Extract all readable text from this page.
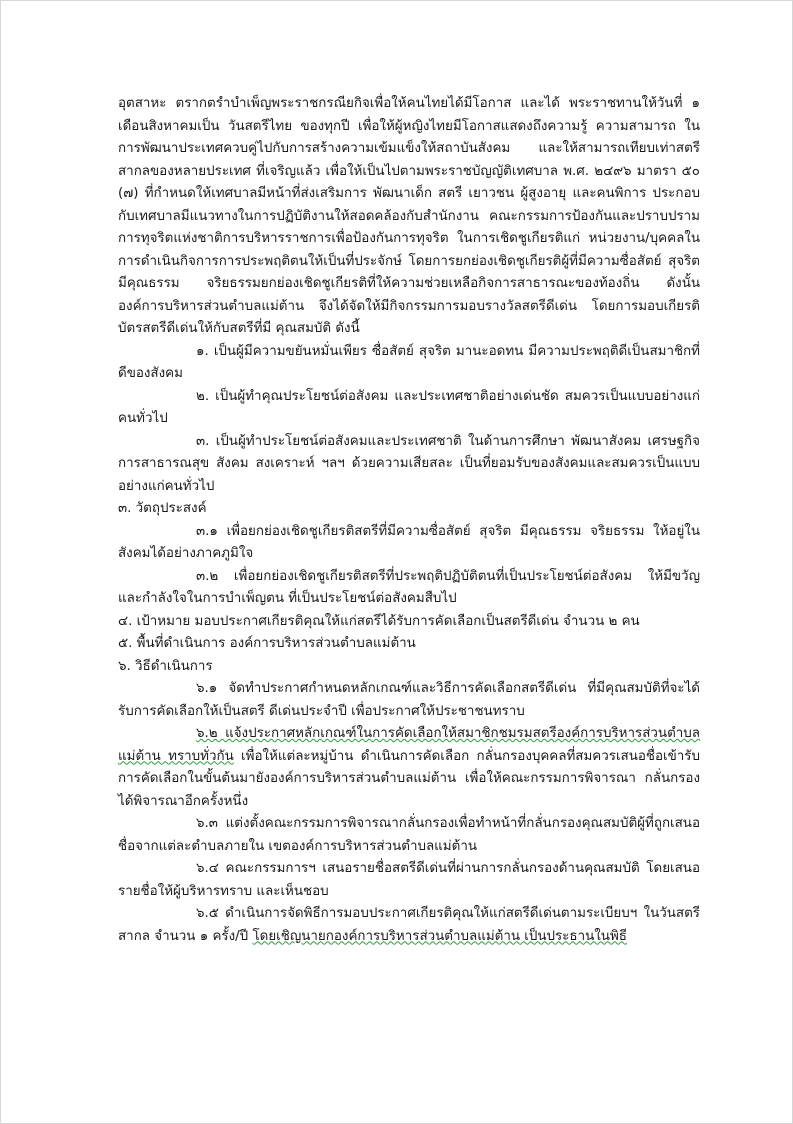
อุตสาหะ ตรากตรำบำเพ็ญพระราชกรณียกิจเพื่อให้คนไทยได้มีโอกาส และได้ พระราชทานให้วันที่ ๑ เดือนสิงหาคมเป็น วันสตรีไทย ของทุกปี เพื่อให้ผู้หญิงไทยมีโอกาสแสดงถึงความรู้ ความสามารถ ในการพัฒนาประเทศควบคู่ไปกับการสร้างความเข้มแข็งให้สถาบันสังคม และให้สามารถเทียบเท่าสตรีสากลของหลายประเทศ ที่เจริญแล้ว เพื่อให้เป็นไปตามพระราชบัญญัติเทศบาล พ.ศ. ๒๔๙๖ มาตรา ๕๐ (๗) ที่กำหนดให้เทศบาลมีหน้าที่ส่งเสริมการ พัฒนาเด็ก สตรี เยาวชน ผู้สูงอายุ และคนพิการ ประกอบกับเทศบาลมีแนวทางในการปฏิบัติงานให้สอดคล้องกับสำนักงาน คณะกรรมการป้องกันและปราบปรามการทุจริตแห่งชาติการบริหารราชการเพื่อป้องกันการทุจริต ในการเชิดชูเกียรติแก่ หน่วยงาน/บุคคลในการดำเนินกิจการการประพฤติตนให้เป็นที่ประจักษ์ โดยการยกย่องเชิดชูเกียรติผู้ที่มีความซื่อสัตย์ สุจริต มีคุณธรรม จริยธรรมยกย่องเชิดชูเกียรติที่ให้ความช่วยเหลือกิจการสาธารณะของท้องถิ่น ดังนั้น องค์การบริหารส่วนตำบลแม่ต้าน จึงได้จัดให้มีกิจกรรมการมอบรางวัลสตรีดีเด่น โดยการมอบเกียรติบัตรสตรีดีเด่นให้กับสตรีที่มี คุณสมบัติ ดังนี้

๑. เป็นผู้มีความขยันหมั่นเพียร ซื่อสัตย์ สุจริต มานะอดทน มีความประพฤติดีเป็นสมาชิกที่ดีของสังคม

๒. เป็นผู้ทำคุณประโยชน์ต่อสังคม และประเทศชาติอย่างเด่นชัด สมควรเป็นแบบอย่างแก่คนทั่วไป

๓. เป็นผู้ทำประโยชน์ต่อสังคมและประเทศชาติ ในด้านการศึกษา พัฒนาสังคม เศรษฐกิจ การสาธารณสุข สังคม สงเคราะห์ ฯลฯ ด้วยความเสียสละ เป็นที่ยอมรับของสังคมและสมควรเป็นแบบอย่างแก่คนทั่วไป

๓. วัตถุประสงค์

๓.๑ เพื่อยกย่องเชิดชูเกียรติสตรีที่มีความซื่อสัตย์ สุจริต มีคุณธรรม จริยธรรม ให้อยู่ในสังคมได้อย่างภาคภูมิใจ

๓.๒ เพื่อยกย่องเชิดชูเกียรติสตรีที่ประพฤติปฏิบัติตนที่เป็นประโยชน์ต่อสังคม ให้มีขวัญและกำลังใจในการบำเพ็ญตน ที่เป็นประโยชน์ต่อสังคมสืบไป

๔. เป้าหมาย มอบประกาศเกียรติคุณให้แก่สตรีได้รับการคัดเลือกเป็นสตรีดีเด่น จำนวน ๒ คน

๕. พื้นที่ดำเนินการ องค์การบริหารส่วนตำบลแม่ต้าน

๖. วิธีดำเนินการ

๖.๑ จัดทำประกาศกำหนดหลักเกณฑ์และวิธีการคัดเลือกสตรีดีเด่น ที่มีคุณสมบัติที่จะได้รับการคัดเลือกให้เป็นสตรี ดีเด่นประจำปี เพื่อประกาศให้ประชาชนทราบ

๖.๒ แจ้งประกาศหลักเกณฑ์ในการคัดเลือกให้สมาชิกชมรมสตรีองค์การบริหารส่วนตำบลแม่ต้าน ทราบทั่วกัน เพื่อให้แต่ละหมู่บ้าน ดำเนินการคัดเลือก กลั่นกรองบุคคลที่สมควรเสนอชื่อเข้ารับการคัดเลือกในขั้นต้นมายังองค์การบริหารส่วนตำบลแม่ต้าน เพื่อให้คณะกรรมการพิจารณา กลั่นกรองได้พิจารณาอีกครั้งหนึ่ง

๖.๓ แต่งตั้งคณะกรรมการพิจารณากลั่นกรองเพื่อทำหน้าที่กลั่นกรองคุณสมบัติผู้ที่ถูกเสนอชื่อจากแต่ละตำบลภายใน เขตองค์การบริหารส่วนตำบลแม่ต้าน

๖.๔ คณะกรรมการฯ เสนอรายชื่อสตรีดีเด่นที่ผ่านการกลั่นกรองด้านคุณสมบัติ โดยเสนอรายชื่อให้ผู้บริหารทราบ และเห็นชอบ

๖.๕ ดำเนินการจัดพิธีการมอบประกาศเกียรติคุณให้แก่สตรีดีเด่นตามระเบียบฯ ในวันสตรีสากล จำนวน ๑ ครั้ง/ปี โดยเชิญนายกองค์การบริหารส่วนตำบลแม่ต้าน เป็นประธานในพิธี
